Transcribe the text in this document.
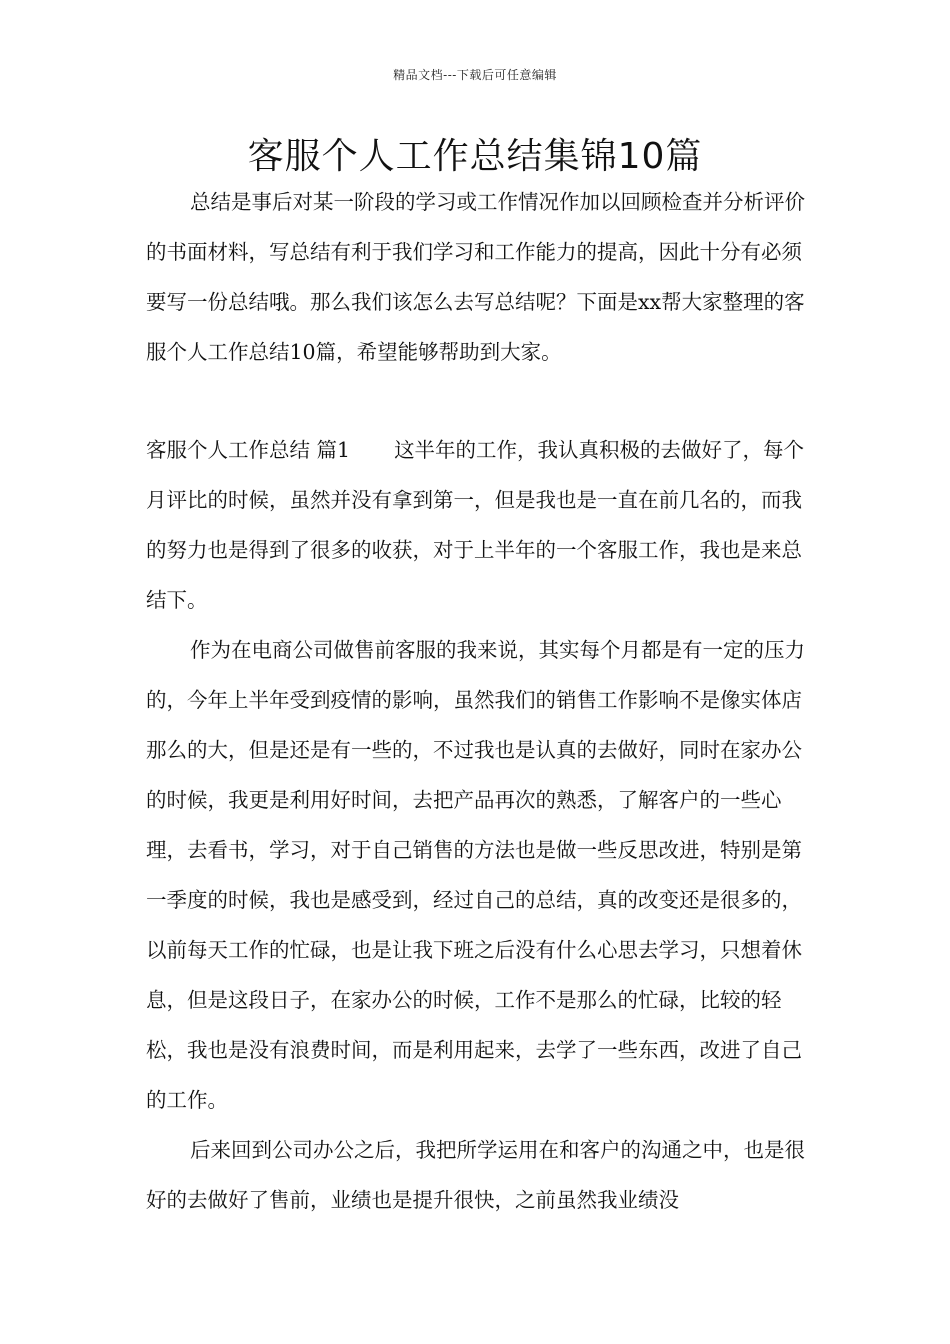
精品文档---下载后可任意编辑
客服个人工作总结集锦10篇

总结是事后对某一阶段的学习或工作情况作加以回顾检查并分析评价的书面材料，写总结有利于我们学习和工作能力的提高，因此十分有必须要写一份总结哦。那么我们该怎么去写总结呢？下面是xx帮大家整理的客服个人工作总结10篇，希望能够帮助到大家。

客服个人工作总结 篇1 这半年的工作，我认真积极的去做好了，每个月评比的时候，虽然并没有拿到第一，但是我也是一直在前几名的，而我的努力也是得到了很多的收获，对于上半年的一个客服工作，我也是来总结下。

作为在电商公司做售前客服的我来说，其实每个月都是有一定的压力的，今年上半年受到疫情的影响，虽然我们的销售工作影响不是像实体店那么的大，但是还是有一些的，不过我也是认真的去做好，同时在家办公的时候，我更是利用好时间，去把产品再次的熟悉，了解客户的一些心理，去看书，学习，对于自己销售的方法也是做一些反思改进，特别是第一季度的时候，我也是感受到，经过自己的总结，真的改变还是很多的，以前每天工作的忙碌，也是让我下班之后没有什么心思去学习，只想着休息，但是这段日子，在家办公的时候，工作不是那么的忙碌，比较的轻松，我也是没有浪费时间，而是利用起来，去学了一些东西，改进了自己的工作。

后来回到公司办公之后，我把所学运用在和客户的沟通之中，也是很好的去做好了售前，业绩也是提升很快，之前虽然我业绩没
